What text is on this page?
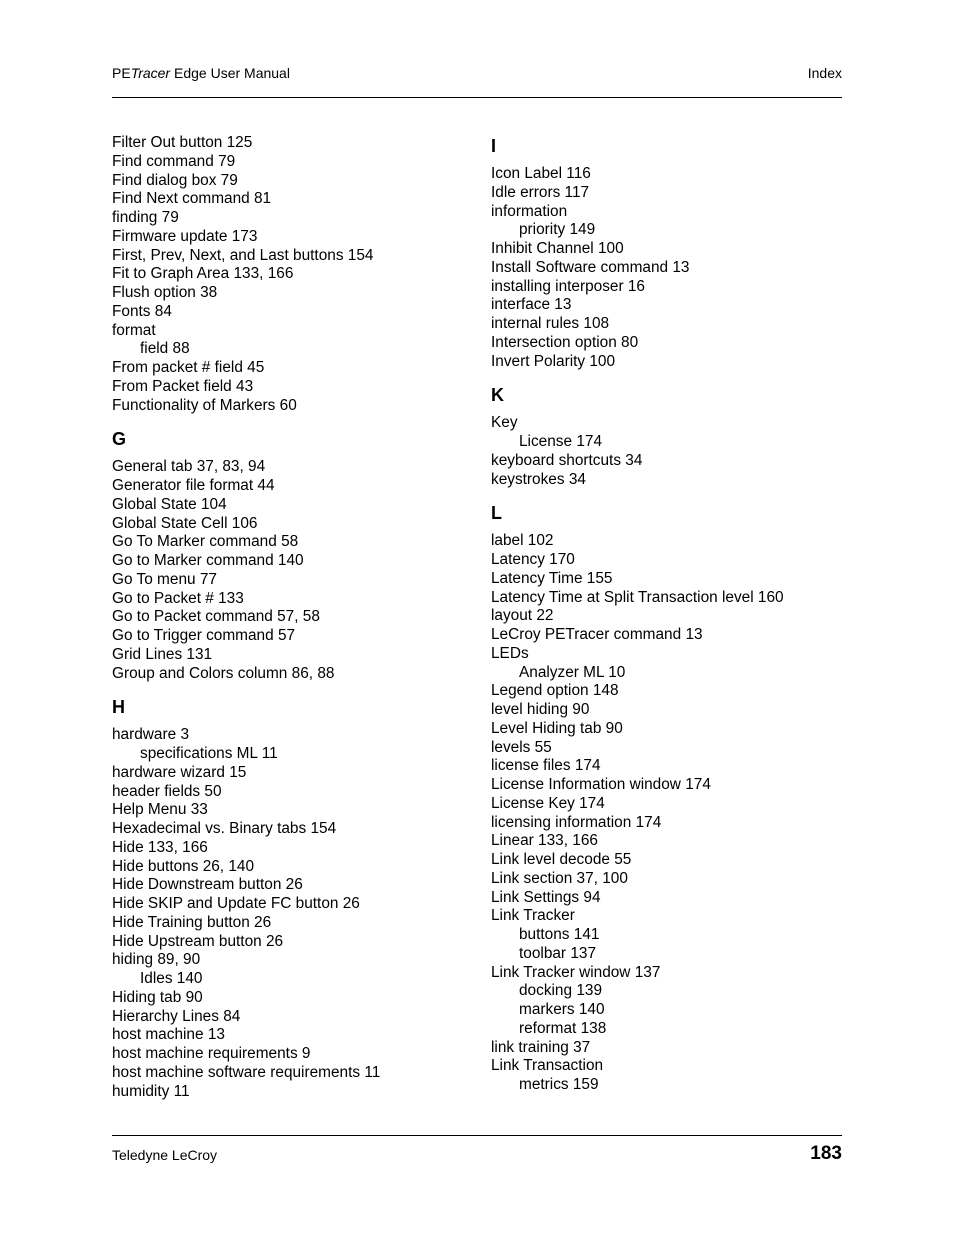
PETracer Edge User Manual	Index
Filter Out button 125
Find command 79
Find dialog box 79
Find Next command 81
finding 79
Firmware update 173
First, Prev, Next, and Last buttons 154
Fit to Graph Area 133, 166
Flush option 38
Fonts 84
format
field 88
From packet # field 45
From Packet field 43
Functionality of Markers 60
G
General tab 37, 83, 94
Generator file format 44
Global State 104
Global State Cell 106
Go To Marker command 58
Go to Marker command 140
Go To menu 77
Go to Packet # 133
Go to Packet command 57, 58
Go to Trigger command 57
Grid Lines 131
Group and Colors column 86, 88
H
hardware 3
specifications ML 11
hardware wizard 15
header fields 50
Help Menu 33
Hexadecimal vs. Binary tabs 154
Hide 133, 166
Hide buttons 26, 140
Hide Downstream button 26
Hide SKIP and Update FC button 26
Hide Training button 26
Hide Upstream button 26
hiding 89, 90
Idles 140
Hiding tab 90
Hierarchy Lines 84
host machine 13
host machine requirements 9
host machine software requirements 11
humidity 11
I
Icon Label 116
Idle errors 117
information
priority 149
Inhibit Channel 100
Install Software command 13
installing interposer 16
interface 13
internal rules 108
Intersection option 80
Invert Polarity 100
K
Key
License 174
keyboard shortcuts 34
keystrokes 34
L
label 102
Latency 170
Latency Time 155
Latency Time at Split Transaction level 160
layout 22
LeCroy PETracer command 13
LEDs
Analyzer ML 10
Legend option 148
level hiding 90
Level Hiding tab 90
levels 55
license files 174
License Information window 174
License Key 174
licensing information 174
Linear 133, 166
Link level decode 55
Link section 37, 100
Link Settings 94
Link Tracker
buttons 141
toolbar 137
Link Tracker window 137
docking 139
markers 140
reformat 138
link training 37
Link Transaction
metrics 159
Teledyne LeCroy	183
